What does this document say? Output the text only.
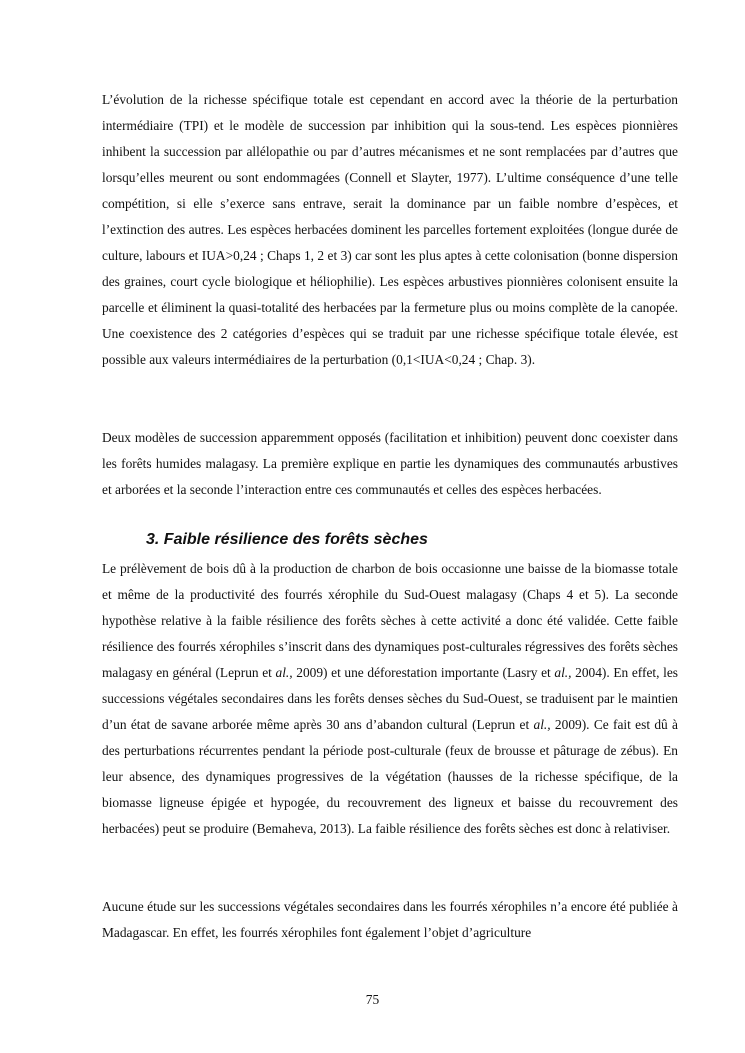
L’évolution de la richesse spécifique totale est cependant en accord avec la théorie de la perturbation intermédiaire (TPI) et le modèle de succession par inhibition qui la sous-tend. Les espèces pionnières inhibent la succession par allélopathie ou par d’autres mécanismes et ne sont remplacées par d’autres que lorsqu’elles meurent ou sont endommagées (Connell et Slayter, 1977). L’ultime conséquence d’une telle compétition, si elle s’exerce sans entrave, serait la dominance par un faible nombre d’espèces, et l’extinction des autres. Les espèces herbacées dominent les parcelles fortement exploitées (longue durée de culture, labours et IUA>0,24 ; Chaps 1, 2 et 3) car sont les plus aptes à cette colonisation (bonne dispersion des graines, court cycle biologique et héliophilie). Les espèces arbustives pionnières colonisent ensuite la parcelle et éliminent la quasi-totalité des herbacées par la fermeture plus ou moins complète de la canopée. Une coexistence des 2 catégories d’espèces qui se traduit par une richesse spécifique totale élevée, est possible aux valeurs intermédiaires de la perturbation (0,1<IUA<0,24 ; Chap. 3).

Deux modèles de succession apparemment opposés (facilitation et inhibition) peuvent donc coexister dans les forêts humides malagasy. La première explique en partie les dynamiques des communautés arbustives et arborées et la seconde l’interaction entre ces communautés et celles des espèces herbacées.

3. Faible résilience des forêts sèches

Le prélèvement de bois dû à la production de charbon de bois occasionne une baisse de la biomasse totale et même de la productivité des fourrés xérophile du Sud-Ouest malagasy (Chaps 4 et 5). La seconde hypothèse relative à la faible résilience des forêts sèches à cette activité a donc été validée. Cette faible résilience des fourrés xérophiles s’inscrit dans des dynamiques post-culturales régressives des forêts sèches malagasy en général (Leprun et al., 2009) et une déforestation importante (Lasry et al., 2004). En effet, les successions végétales secondaires dans les forêts denses sèches du Sud-Ouest, se traduisent par le maintien d’un état de savane arborée même après 30 ans d’abandon cultural (Leprun et al., 2009). Ce fait est dû à des perturbations récurrentes pendant la période post-culturale (feux de brousse et pâturage de zébus). En leur absence, des dynamiques progressives de la végétation (hausses de la richesse spécifique, de la biomasse ligneuse épigée et hypogée, du recouvrement des ligneux et baisse du recouvrement des herbacées) peut se produire (Bemaheva, 2013). La faible résilience des forêts sèches est donc à relativiser.

Aucune étude sur les successions végétales secondaires dans les fourrés xérophiles n’a encore été publiée à Madagascar. En effet, les fourrés xérophiles font également l’objet d’agriculture

75
